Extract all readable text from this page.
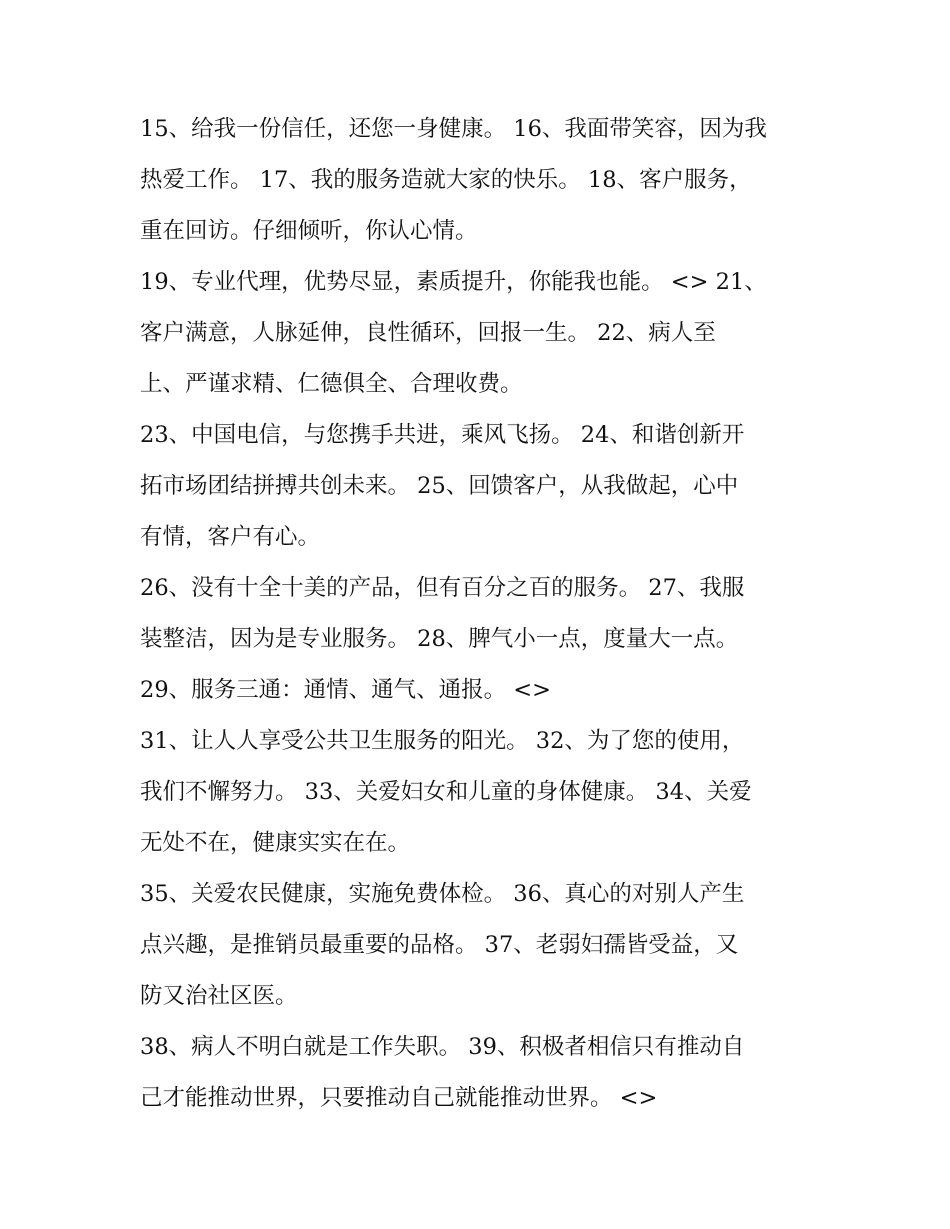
15、给我一份信任，还您一身健康。 16、我面带笑容，因为我
热爱工作。 17、我的服务造就大家的快乐。 18、客户服务，
重在回访。仔细倾听，你认心情。
19、专业代理，优势尽显，素质提升，你能我也能。 <> 21、
客户满意，人脉延伸，良性循环，回报一生。 22、病人至
上、严谨求精、仁德俱全、合理收费。
23、中国电信，与您携手共进，乘风飞扬。 24、和谐创新开
拓市场团结拼搏共创未来。 25、回馈客户，从我做起，心中
有情，客户有心。
26、没有十全十美的产品，但有百分之百的服务。 27、我服
装整洁，因为是专业服务。 28、脾气小一点，度量大一点。
29、服务三通：通情、通气、通报。 <>
31、让人人享受公共卫生服务的阳光。 32、为了您的使用，
我们不懈努力。 33、关爱妇女和儿童的身体健康。 34、关爱
无处不在，健康实实在在。
35、关爱农民健康，实施免费体检。 36、真心的对别人产生
点兴趣，是推销员最重要的品格。 37、老弱妇孺皆受益，又
防又治社区医。
38、病人不明白就是工作失职。 39、积极者相信只有推动自
己才能推动世界，只要推动自己就能推动世界。 <>
